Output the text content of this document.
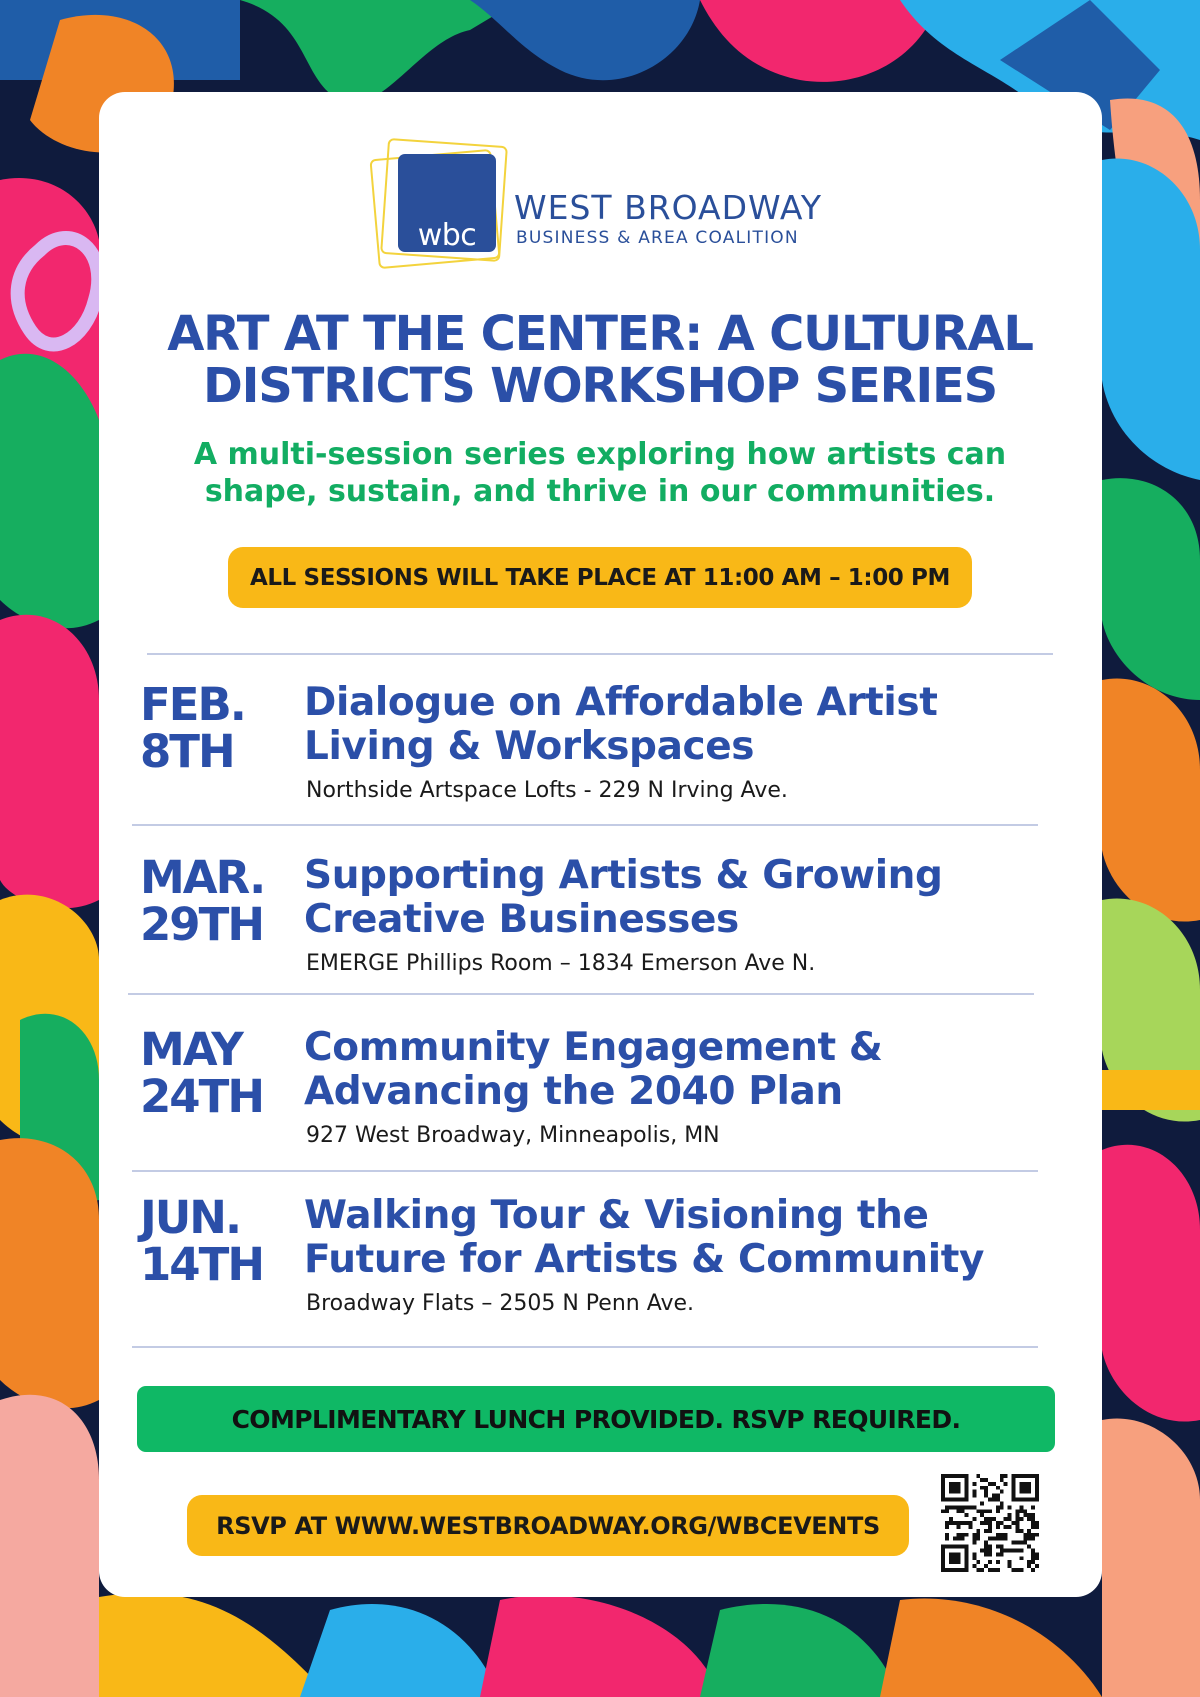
wbc
WEST BROADWAY
BUSINESS & AREA COALITION
ART AT THE CENTER: A CULTURAL
DISTRICTS WORKSHOP SERIES

A multi-session series exploring how artists can
shape, sustain, and thrive in our communities.

ALL SESSIONS WILL TAKE PLACE AT 11:00 AM – 1:00 PM
FEB.
8TH
Dialogue on Affordable Artist
Living & Workspaces

Northside Artspace Lofts - 229 N Irving Ave.

MAR.
29TH
Supporting Artists & Growing
Creative Businesses

EMERGE Phillips Room – 1834 Emerson Ave N.

MAY
24TH
Community Engagement &
Advancing the 2040 Plan

927 West Broadway, Minneapolis, MN

JUN.
14TH
Walking Tour & Visioning the
Future for Artists & Community

Broadway Flats – 2505 N Penn Ave.

COMPLIMENTARY LUNCH PROVIDED. RSVP REQUIRED.
RSVP AT WWW.WESTBROADWAY.ORG/WBCEVENTS
